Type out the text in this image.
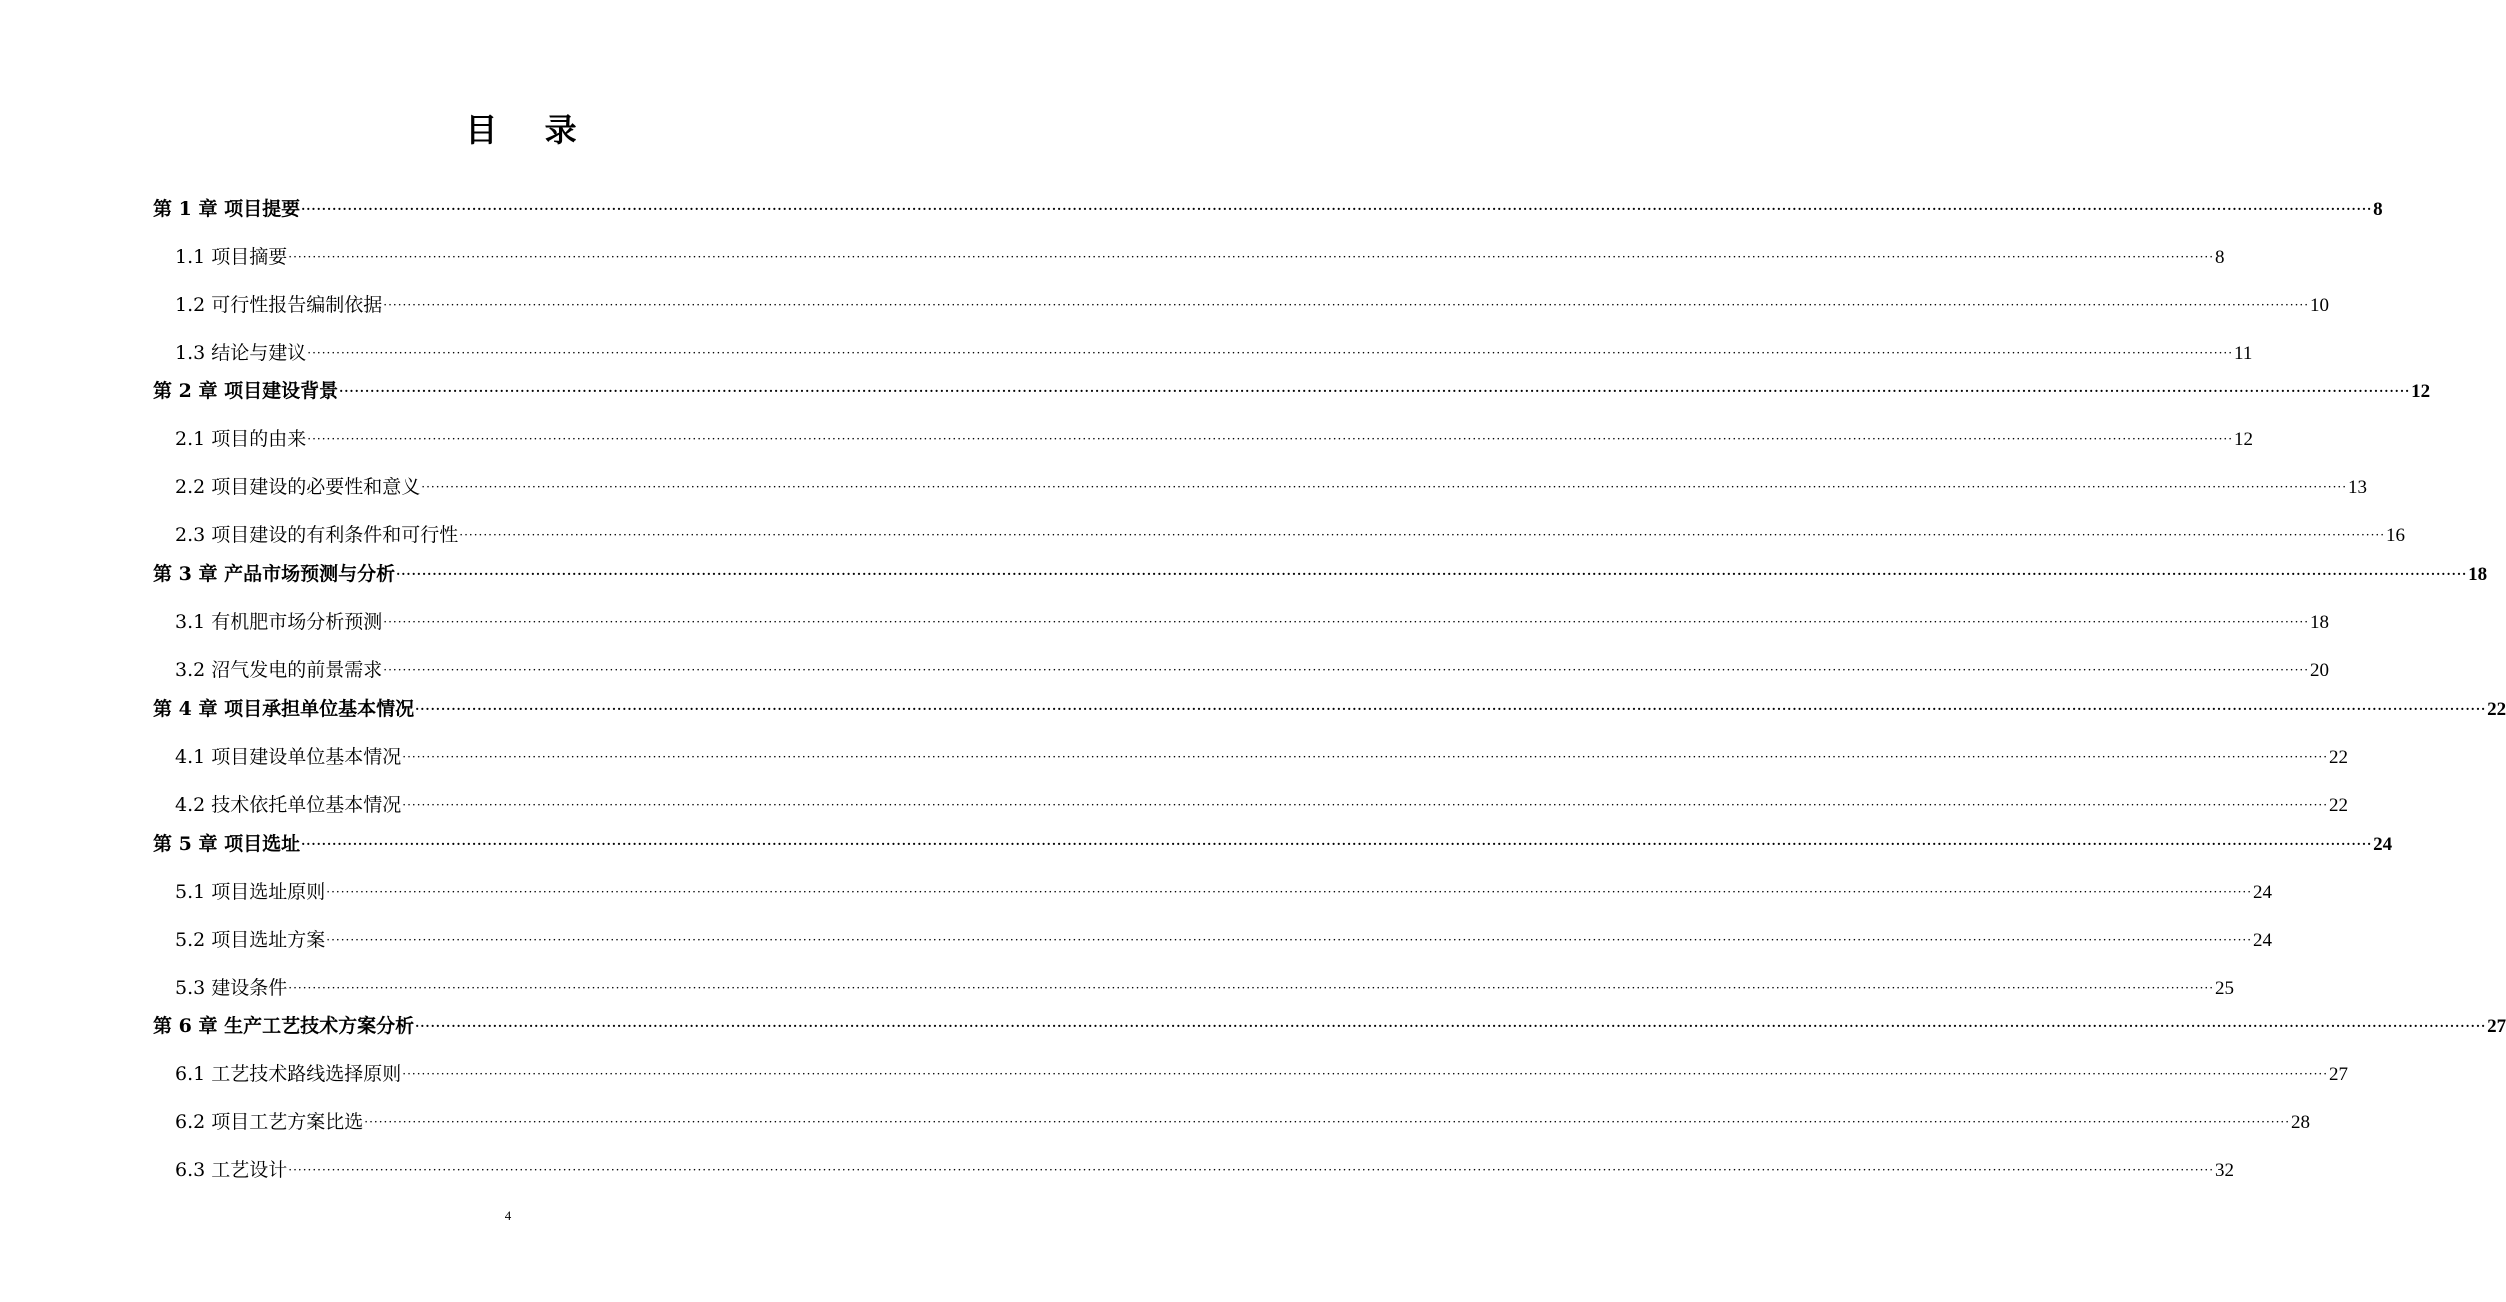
目 录
第 1 章 项目提要 ················································································································································································································································································································································································································ 8
1.1 项目摘要 ················································································································································································································································································································································································································ 8
1.2 可行性报告编制依据 ················································································································································································································································································································································································································ 10
1.3 结论与建议 ················································································································································································································································································································································································································ 11
第 2 章 项目建设背景 ················································································································································································································································································································································································································ 12
2.1 项目的由来 ················································································································································································································································································································································································································ 12
2.2 项目建设的必要性和意义 ················································································································································································································································································································································································································ 13
2.3 项目建设的有利条件和可行性 ················································································································································································································································································································································································································ 16
第 3 章 产品市场预测与分析 ················································································································································································································································································································································································································ 18
3.1 有机肥市场分析预测 ················································································································································································································································································································································································································ 18
3.2 沼气发电的前景需求 ················································································································································································································································································································································································································ 20
第 4 章 项目承担单位基本情况 ················································································································································································································································································································································································································ 22
4.1 项目建设单位基本情况 ················································································································································································································································································································································································································ 22
4.2 技术依托单位基本情况 ················································································································································································································································································································································································································ 22
第 5 章 项目选址 ················································································································································································································································································································································································································ 24
5.1 项目选址原则 ················································································································································································································································································································································································································ 24
5.2 项目选址方案 ················································································································································································································································································································································································································ 24
5.3 建设条件 ················································································································································································································································································································································································································ 25
第 6 章 生产工艺技术方案分析 ················································································································································································································································································································································································································ 27
6.1 工艺技术路线选择原则 ················································································································································································································································································································································································································ 27
6.2 项目工艺方案比选 ················································································································································································································································································································································································································ 28
6.3 工艺设计 ················································································································································································································································································································································································································ 32
4
